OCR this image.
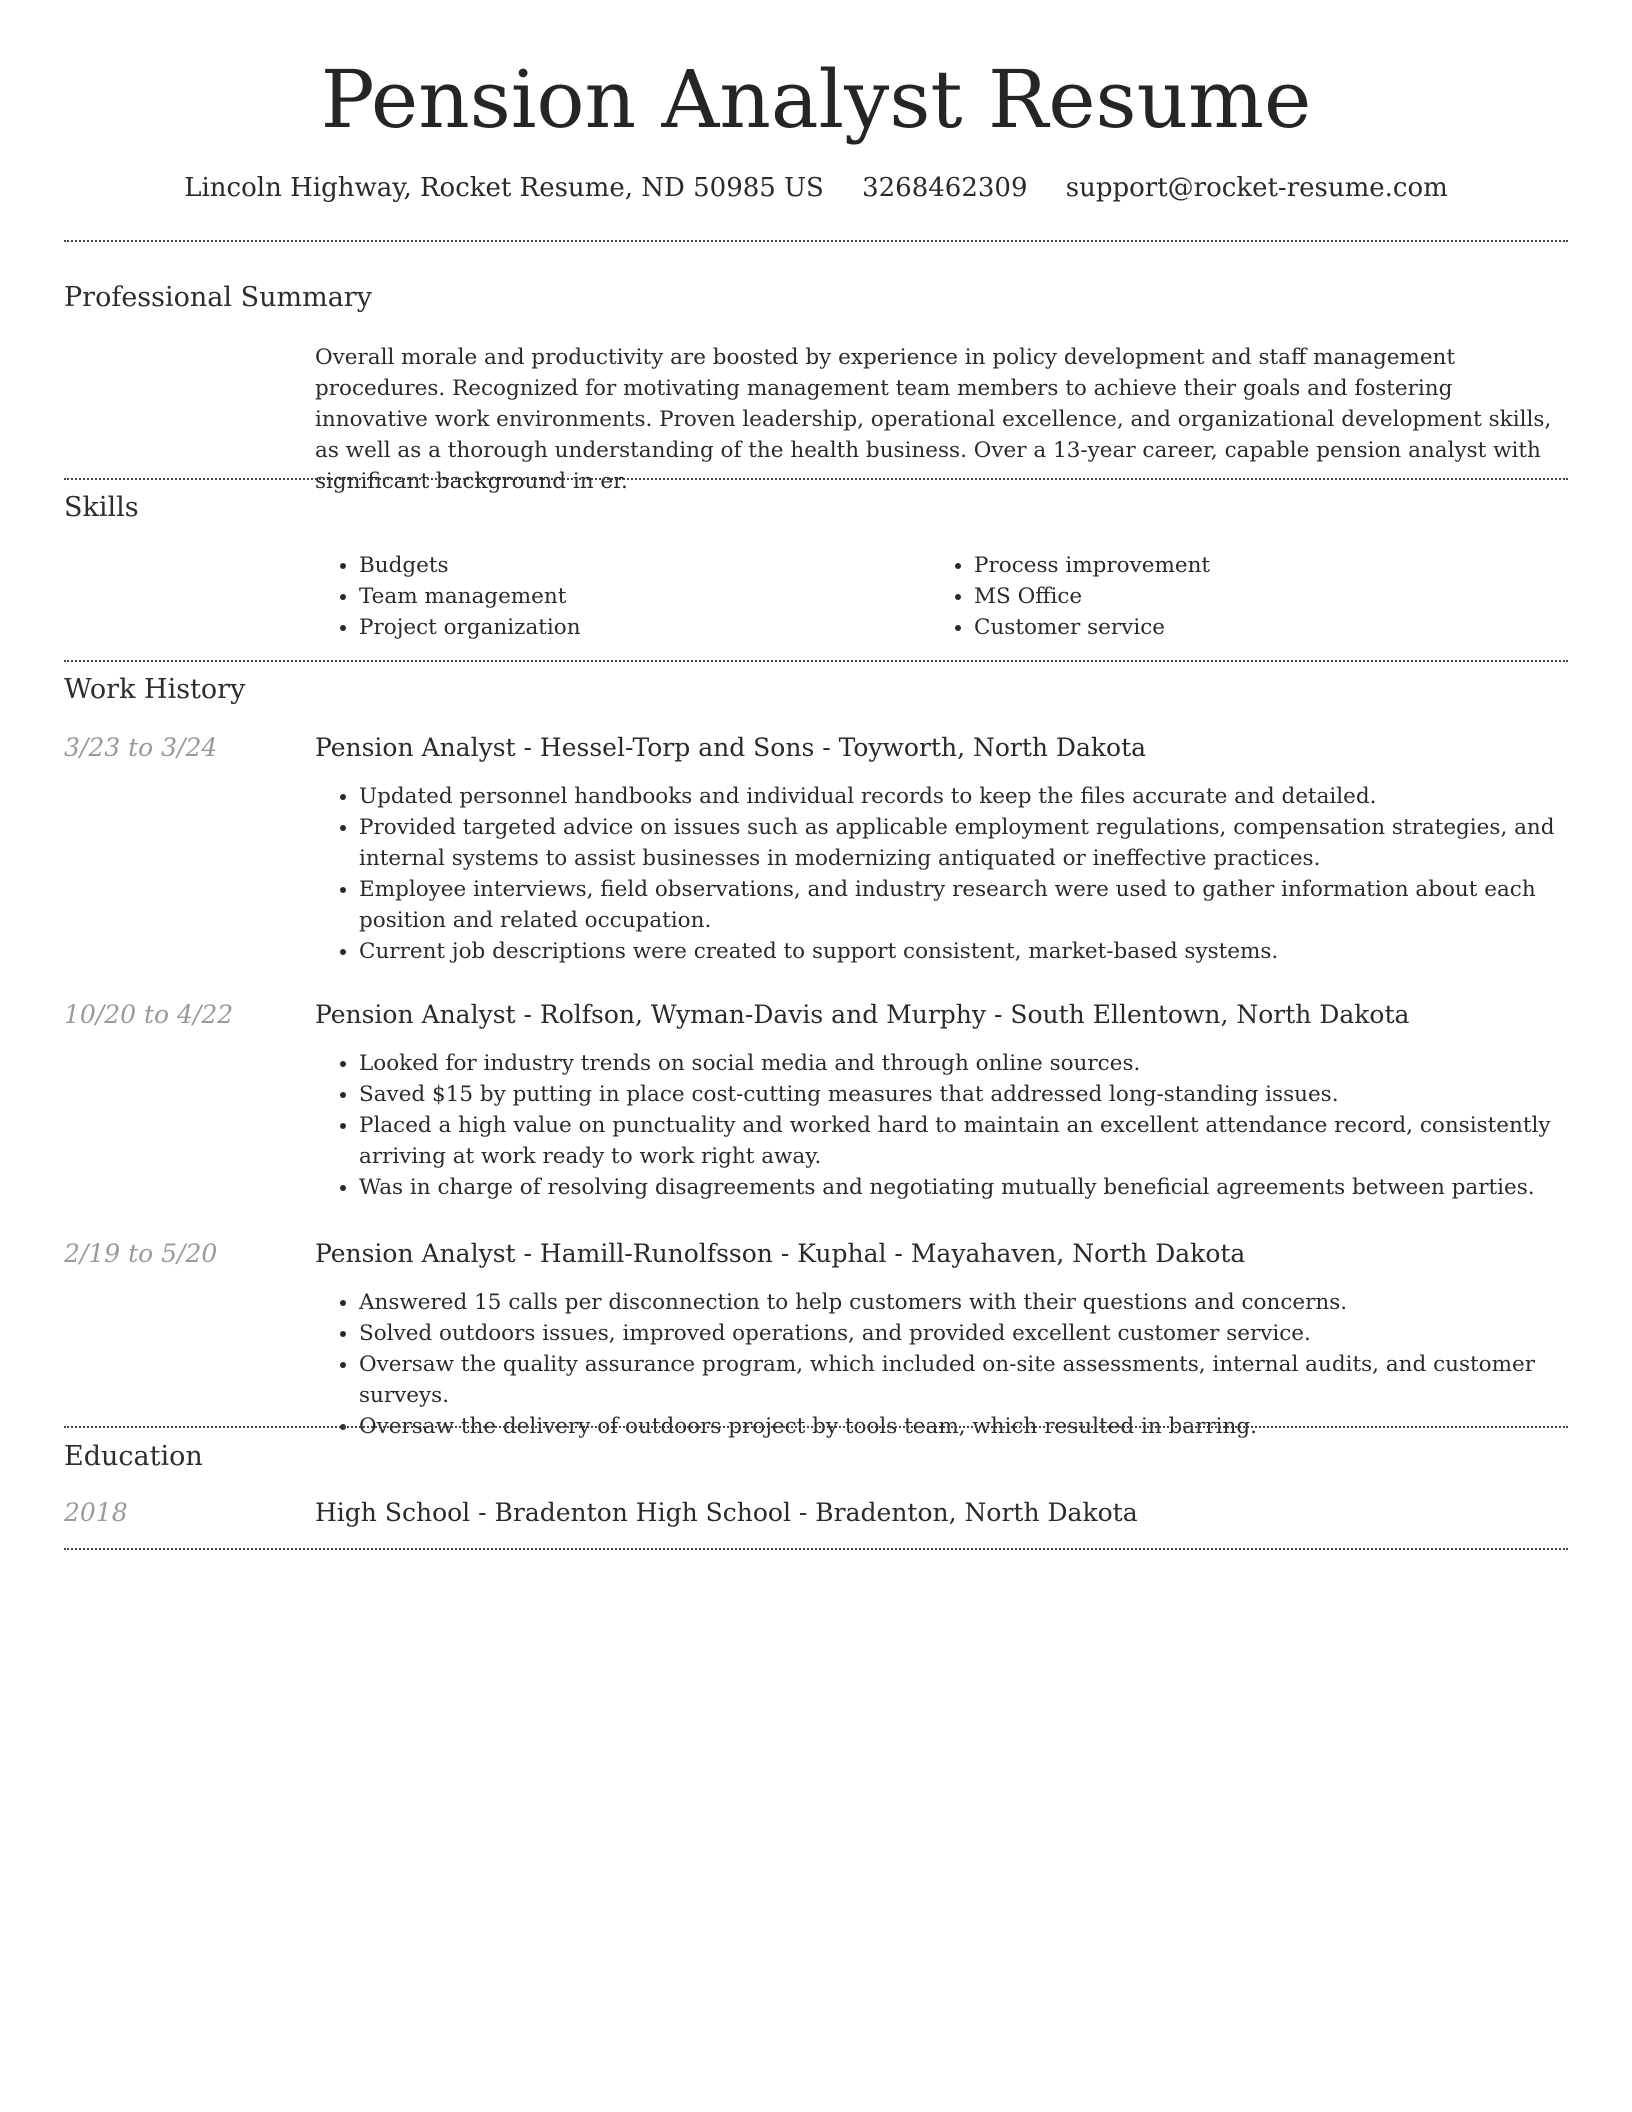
Pension Analyst Resume
Lincoln Highway, Rocket Resume, ND 50985 US 3268462309 support@rocket-resume.com
Professional Summary

Overall morale and productivity are boosted by experience in policy development and staff management procedures. Recognized for motivating management team members to achieve their goals and fostering innovative work environments. Proven leadership, operational excellence, and organizational development skills, as well as a thorough understanding of the health business. Over a 13-year career, capable pension analyst with significant background in er.

Skills
• Budgets
• Team management
• Project organization
• Process improvement
• MS Office
• Customer service
Work History
3/23 to 3/24	Pension Analyst - Hessel-Torp and Sons - Toyworth, North Dakota
• Updated personnel handbooks and individual records to keep the files accurate and detailed.
• Provided targeted advice on issues such as applicable employment regulations, compensation strategies, and internal systems to assist businesses in modernizing antiquated or ineffective practices.
• Employee interviews, field observations, and industry research were used to gather information about each position and related occupation.
• Current job descriptions were created to support consistent, market-based systems.
10/20 to 4/22	Pension Analyst - Rolfson, Wyman-Davis and Murphy - South Ellentown, North Dakota
• Looked for industry trends on social media and through online sources.
• Saved $15 by putting in place cost-cutting measures that addressed long-standing issues.
• Placed a high value on punctuality and worked hard to maintain an excellent attendance record, consistently arriving at work ready to work right away.
• Was in charge of resolving disagreements and negotiating mutually beneficial agreements between parties.
2/19 to 5/20	Pension Analyst - Hamill-Runolfsson - Kuphal - Mayahaven, North Dakota
• Answered 15 calls per disconnection to help customers with their questions and concerns.
• Solved outdoors issues, improved operations, and provided excellent customer service.
• Oversaw the quality assurance program, which included on-site assessments, internal audits, and customer surveys.
• Oversaw the delivery of outdoors project by tools team, which resulted in barring.
Education
2018	High School - Bradenton High School - Bradenton, North Dakota
